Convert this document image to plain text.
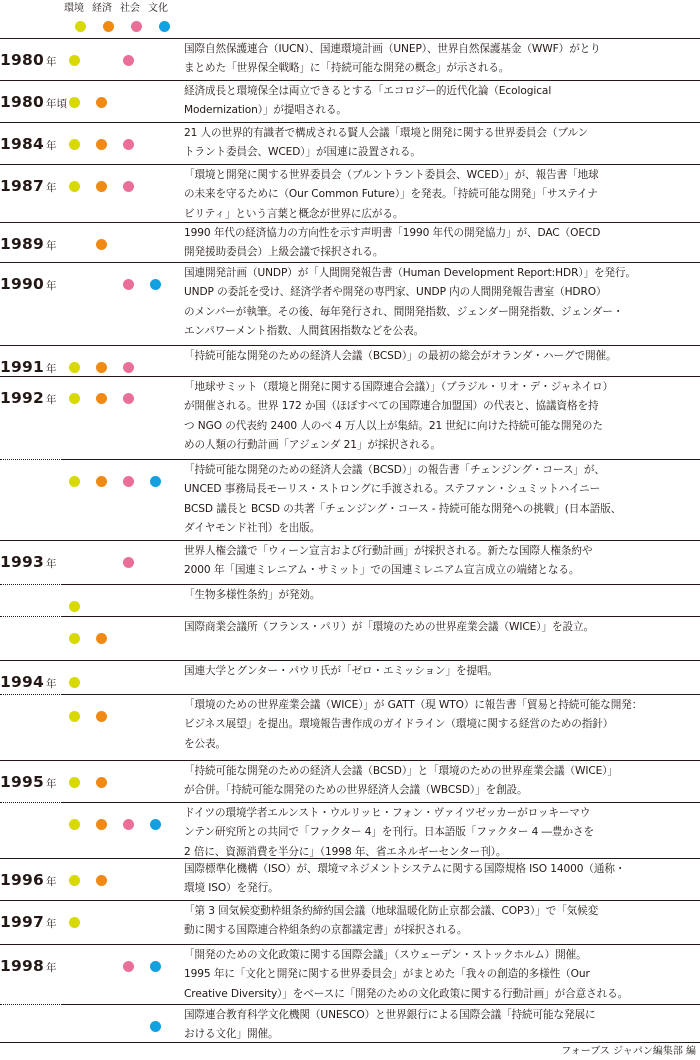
環境 経済 社会 文化
1980 年
国際自然保護連合（IUCN）、国連環境計画（UNEP）、世界自然保護基金（WWF）がとり
まとめた「世界保全戦略」に「持続可能な開発の概念」が示される。
1980 年頃
経済成長と環境保全は両立できるとする「エコロジー的近代化論（Ecological
Modernization）」が提唱される。
1984 年
21 人の世界的有識者で構成される賢人会議「環境と開発に関する世界委員会（ブルン
トラント委員会、WCED）」が国連に設置される。
1987 年
「環境と開発に関する世界委員会（ブルントラント委員会、WCED）」が、報告書「地球
の未来を守るために（Our Common Future）」を発表。「持続可能な開発」「サステイナ
ビリティ」という言葉と概念が世界に広がる。
1989 年
1990 年代の経済協力の方向性を示す声明書「1990 年代の開発協力」が、DAC（OECD
開発援助委員会）上級会議で採択される。
1990 年
国連開発計画（UNDP）が「人間開発報告書（Human Development Report:HDR）」を発行。
UNDP の委託を受け、経済学者や開発の専門家、UNDP 内の人間開発報告書室（HDRO）
のメンバーが執筆。その後、毎年発行され、間開発指数、ジェンダー開発指数、ジェンダー・
エンパワーメント指数、人間貧困指数などを公表。
1991 年
「持続可能な開発のための経済人会議（BCSD）」の最初の総会がオランダ・ハーグで開催。
1992 年
「地球サミット（環境と開発に関する国際連合会議）」（ブラジル・リオ・デ・ジャネイロ）
が開催される。世界 172 か国（ほぼすべての国際連合加盟国）の代表と、協議資格を持
つ NGO の代表約 2400 人のべ 4 万人以上が集結。21 世紀に向けた持続可能な開発のた
めの人類の行動計画「アジェンダ 21」が採択される。
「持続可能な開発のための経済人会議（BCSD）」の報告書「チェンジング・コース」が、
UNCED 事務局長モーリス・ストロングに手渡される。ステファン・シュミットハイニー
BCSD 議長と BCSD の共著「チェンジング・コース - 持続可能な開発への挑戦」(日本語版、
ダイヤモンド社刊）を出版。
1993 年
世界人権会議で「ウィーン宣言および行動計画」が採択される。新たな国際人権条約や
2000 年「国連ミレニアム・サミット」での国連ミレニアム宣言成立の端緒となる。
「生物多様性条約」が発効。
国際商業会議所（フランス・パリ）が「環境のための世界産業会議（WICE）」を設立。
1994 年
国連大学とグンター・パウリ氏が「ゼロ・エミッション」を提唱。
「環境のための世界産業会議（WICE）」が GATT（現 WTO）に報告書「貿易と持続可能な開発：
ビジネス展望」を提出。環境報告書作成のガイドライン（環境に関する経営のための指針）
を公表。
1995 年
「持続可能な開発のための経済人会議（BCSD）」と「環境のための世界産業会議（WICE）」
が合併。「持続可能な開発のための世界経済人会議（WBCSD）」を創設。
ドイツの環境学者エルンスト・ウルリッヒ・フォン・ヴァイツゼッカーがロッキーマウ
ンテン研究所との共同で「ファクター 4」を刊行。日本語版「ファクター 4 ―豊かさを
2 倍に、資源消費を半分に」（1998 年、省エネルギーセンター刊）。
1996 年
国際標準化機構（ISO）が、環境マネジメントシステムに関する国際規格 ISO 14000（通称・
環境 ISO）を発行。
1997 年
「第 3 回気候変動枠組条約締約国会議（地球温暖化防止京都会議、COP3）」で「気候変
動に関する国際連合枠組条約の京都議定書」が採択される。
1998 年
「開発のための文化政策に関する国際会議」（スウェーデン・ストックホルム）開催。
1995 年に「文化と開発に関する世界委員会」がまとめた「我々の創造的多様性（Our
Creative Diversity）」をベースに「開発のための文化政策に関する行動計画」が合意される。
国際連合教育科学文化機関（UNESCO）と世界銀行による国際会議「持続可能な発展に
おける文化」開催。
フォーブス ジャパン編集部 編
